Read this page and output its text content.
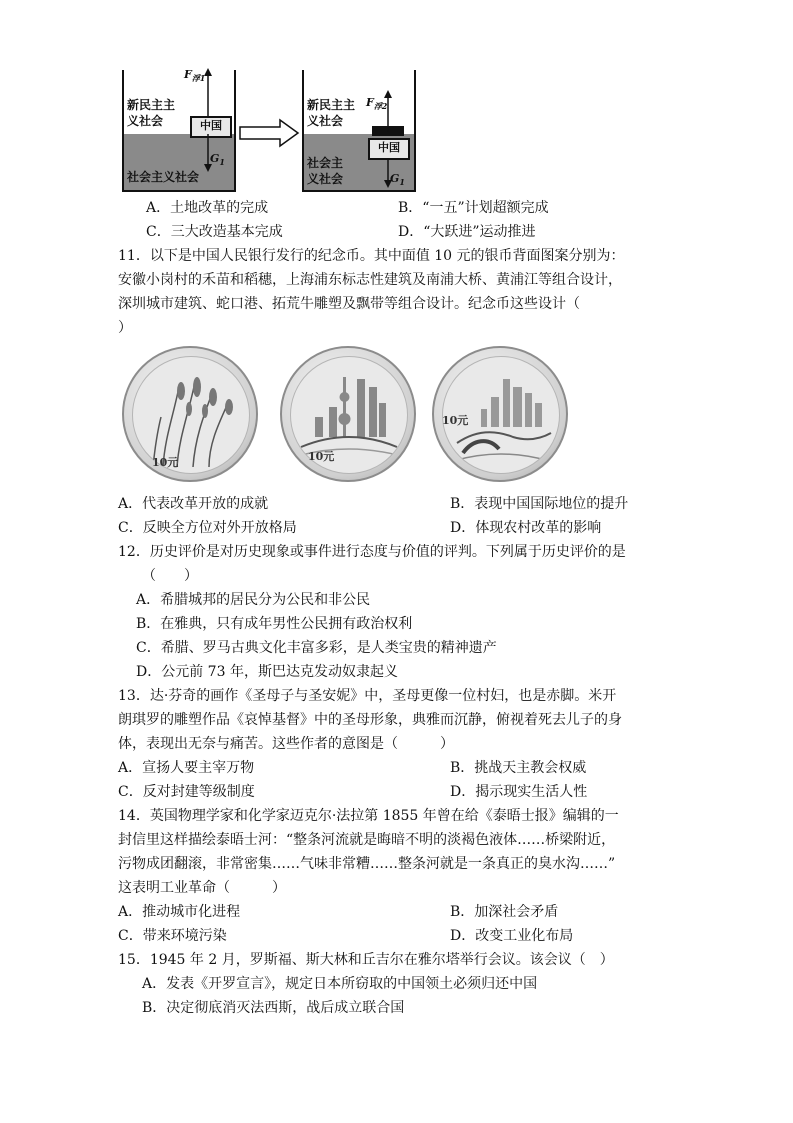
新民主主
义社会
社会主义社会
中国
$F_{浮1}$
$G_1$
新民主主
义社会
社会主
义社会
中国
$F_{浮2}$
$G_1$
A．土地改革的完成	B．“一五”计划超额完成
C．三大改造基本完成	D．“大跃进”运动推进
11．以下是中国人民银行发行的纪念币。其中面值 10 元的银币背面图案分别为：
安徽小岗村的禾苗和稻穗，上海浦东标志性建筑及南浦大桥、黄浦江等组合设计，
深圳城市建筑、蛇口港、拓荒牛雕塑及飘带等组合设计。纪念币这些设计（
）
10元	10元
10元
A．代表改革开放的成就	B．表现中国国际地位的提升
C．反映全方位对外开放格局	D．体现农村改革的影响
12．历史评价是对历史现象或事件进行态度与价值的评判。下列属于历史评价的是
（　　）
A．希腊城邦的居民分为公民和非公民
B．在雅典，只有成年男性公民拥有政治权利
C．希腊、罗马古典文化丰富多彩，是人类宝贵的精神遗产
D．公元前 73 年，斯巴达克发动奴隶起义
13．达·芬奇的画作《圣母子与圣安妮》中，圣母更像一位村妇，也是赤脚。米开
朗琪罗的雕塑作品《哀悼基督》中的圣母形象，典雅而沉静，俯视着死去儿子的身
体，表现出无奈与痛苦。这些作者的意图是（　　　）
A．宣扬人要主宰万物	B．挑战天主教会权威
C．反对封建等级制度	D．揭示现实生活人性
14．英国物理学家和化学家迈克尔·法拉第 1855 年曾在给《泰晤士报》编辑的一
封信里这样描绘泰晤士河：“整条河流就是晦暗不明的淡褐色液体……桥梁附近，
污物成团翻滚，非常密集……气味非常糟……整条河就是一条真正的臭水沟……”
这表明工业革命（　　　）
A．推动城市化进程	B．加深社会矛盾
C．带来环境污染	D．改变工业化布局
15．1945 年 2 月，罗斯福、斯大林和丘吉尔在雅尔塔举行会议。该会议（　）
A．发表《开罗宣言》，规定日本所窃取的中国领土必须归还中国
B．决定彻底消灭法西斯，战后成立联合国
